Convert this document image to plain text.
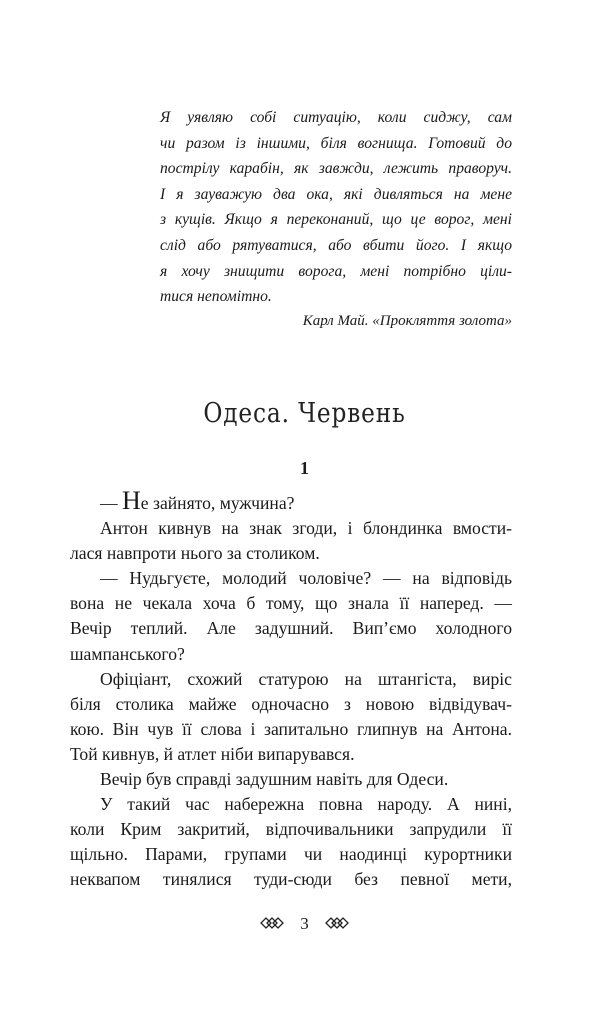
Я уявляю собі ситуацію, коли сиджу, сам
чи разом із іншими, біля вогнища. Готовий до
пострілу карабін, як завжди, лежить праворуч.
І я зауважую два ока, які дивляться на мене
з кущів. Якщо я переконаний, що це ворог, мені
слід або рятуватися, або вбити його. І якщо
я хочу знищити ворога, мені потрібно ціли-
тися непомітно.
Карл Май. «Прокляття золота»
Одеса. Червень
1
— Не зайнято, мужчина?
Антон кивнув на знак згоди, і блондинка вмости-
лася навпроти нього за столиком.
— Нудьгуєте, молодий чоловіче? — на відповідь
вона не чекала хоча б тому, що знала її наперед. —
Вечір теплий. Але задушний. Вип’ємо холодного
шампанського?
Офіціант, схожий статурою на штангіста, виріс
біля столика майже одночасно з новою відвідувач-
кою. Він чув її слова і запитально глипнув на Антона.
Той кивнув, й атлет ніби випарувався.
Вечір був справді задушним навіть для Одеси.
У такий час набережна повна народу. А нині,
коли Крим закритий, відпочивальники запрудили її
щільно. Парами, групами чи наодинці курортники
неквапом тинялися туди-сюди без певної мети,
3
